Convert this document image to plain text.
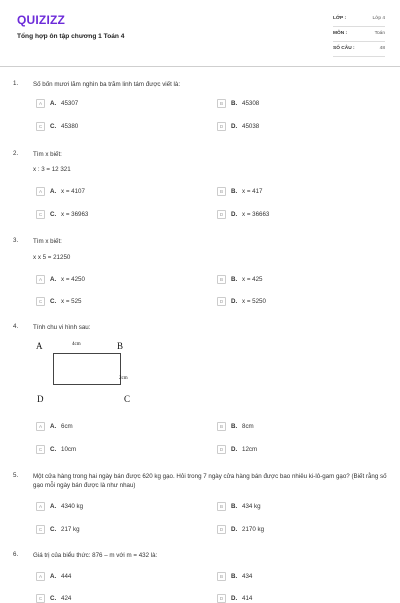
QUIZIZZ
Tổng hợp ôn tập chương 1 Toán 4
LỚP :	Lớp 4
MÔN :	Toán
SỐ CÂU :	48
1. Số bốn mươi lăm nghìn ba trăm linh tám được viết là:
A	A. 45307	B	B. 45308
C	C. 45380	D	D. 45038
2. Tìm x biết:
x : 3 = 12 321
A	A. x = 4107	B	B. x = 417
C	C. x = 36963	D	D. x = 36663
3. Tìm x biết:
x x 5 = 21250
A	A. x = 4250	B	B. x = 425
C	C. x = 525	D	D. x = 5250
4. Tính chu vi hình sau:
A	4cm	B
2cm
D	C
A	A. 6cm	B	B. 8cm
C	C. 10cm	D	D. 12cm
5. Một cửa hàng trong hai ngày bán được 620 kg gạo. Hỏi trong 7 ngày cửa hàng bán được bao nhiêu ki-lô-gam gạo? (Biết rằng số gạo mỗi ngày bán được là như nhau)
A	A. 4340 kg	B	B. 434 kg
C	C. 217 kg	D	D. 2170 kg
6. Giá trị của biểu thức: 876 – m với m = 432 là:
A	A. 444	B	B. 434
C	C. 424	D	D. 414
